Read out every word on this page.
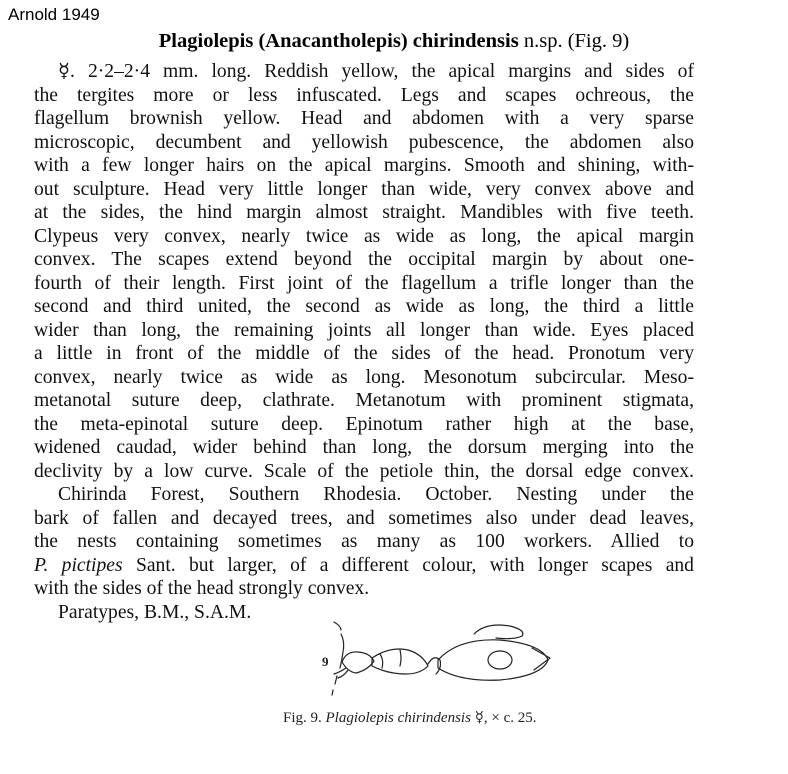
Arnold 1949
Plagiolepis (Anacantholepis) chirindensis n.sp. (Fig. 9)
☿. 2·2–2·4 mm. long. Reddish yellow, the apical margins and sides of
the tergites more or less infuscated. Legs and scapes ochreous, the
flagellum brownish yellow. Head and abdomen with a very sparse
microscopic, decumbent and yellowish pubescence, the abdomen also
with a few longer hairs on the apical margins. Smooth and shining, with-
out sculpture. Head very little longer than wide, very convex above and
at the sides, the hind margin almost straight. Mandibles with five teeth.
Clypeus very convex, nearly twice as wide as long, the apical margin
convex. The scapes extend beyond the occipital margin by about one-
fourth of their length. First joint of the flagellum a trifle longer than the
second and third united, the second as wide as long, the third a little
wider than long, the remaining joints all longer than wide. Eyes placed
a little in front of the middle of the sides of the head. Pronotum very
convex, nearly twice as wide as long. Mesonotum subcircular. Meso-
metanotal suture deep, clathrate. Metanotum with prominent stigmata,
the meta-epinotal suture deep. Epinotum rather high at the base,
widened caudad, wider behind than long, the dorsum merging into the
declivity by a low curve. Scale of the petiole thin, the dorsal edge convex.
Chirinda Forest, Southern Rhodesia. October. Nesting under the
bark of fallen and decayed trees, and sometimes also under dead leaves,
the nests containing sometimes as many as 100 workers. Allied to
P. pictipes Sant. but larger, of a different colour, with longer scapes and
with the sides of the head strongly convex.
Paratypes, B.M., S.A.M.
9
Fig. 9. Plagiolepis chirindensis ☿, × c. 25.
